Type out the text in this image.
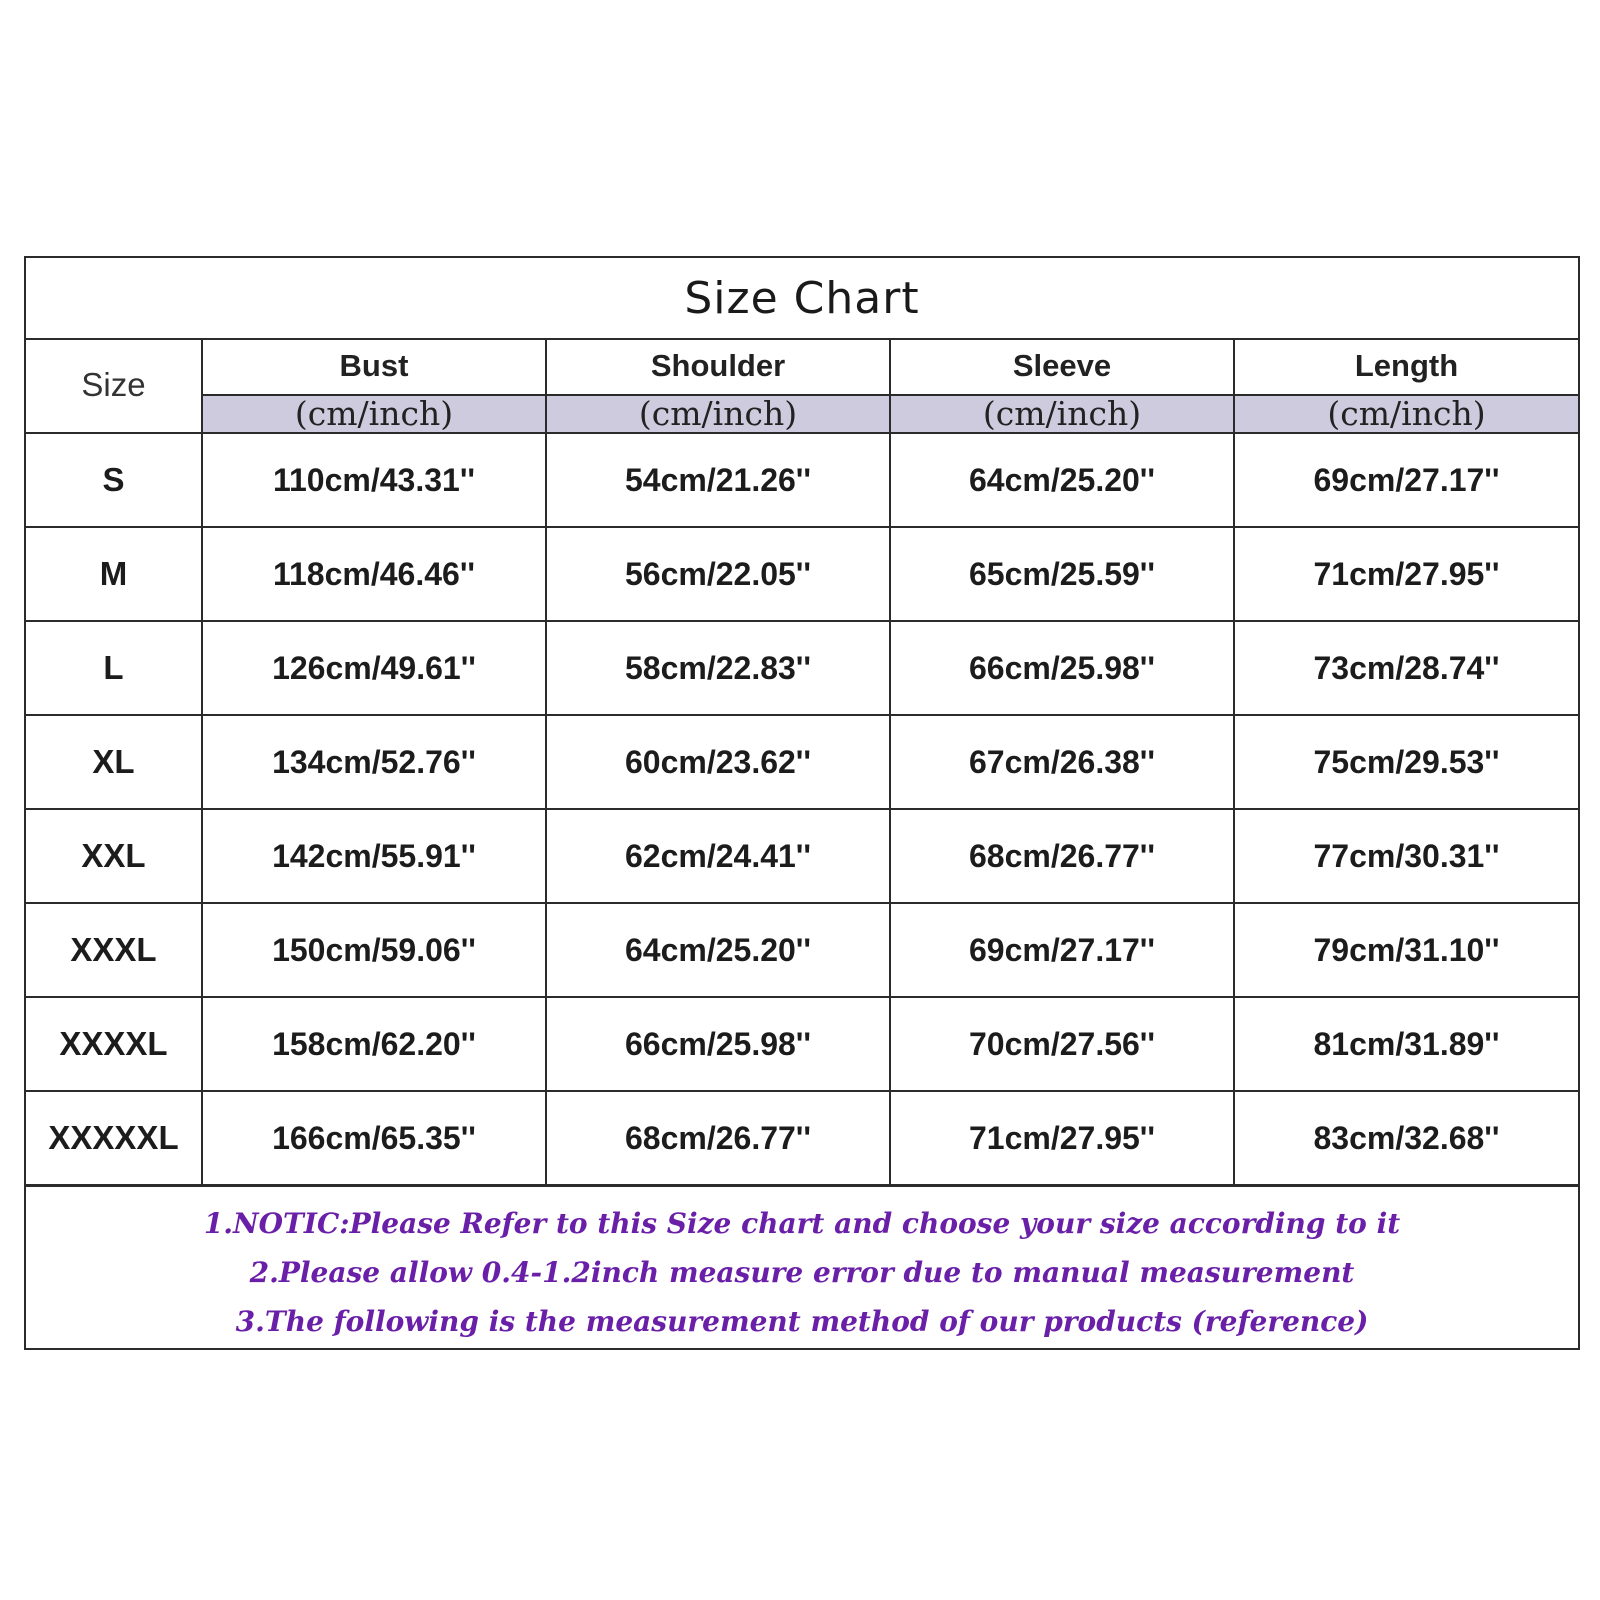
Size Chart
Size	Bust	Shoulder	Sleeve	Length
	(cm/inch)	(cm/inch)	(cm/inch)	(cm/inch)
S	110cm/43.31''	54cm/21.26''	64cm/25.20''	69cm/27.17''
M	118cm/46.46''	56cm/22.05''	65cm/25.59''	71cm/27.95''
L	126cm/49.61''	58cm/22.83''	66cm/25.98''	73cm/28.74''
XL	134cm/52.76''	60cm/23.62''	67cm/26.38''	75cm/29.53''
XXL	142cm/55.91''	62cm/24.41''	68cm/26.77''	77cm/30.31''
XXXL	150cm/59.06''	64cm/25.20''	69cm/27.17''	79cm/31.10''
XXXXL	158cm/62.20''	66cm/25.98''	70cm/27.56''	81cm/31.89''
XXXXXL	166cm/65.35''	68cm/26.77''	71cm/27.95''	83cm/32.68''
1.NOTIC:Please Refer to this Size chart and choose your size according to it
2.Please allow 0.4-1.2inch measure error due to manual measurement
3.The following is the measurement method of our products (reference)
